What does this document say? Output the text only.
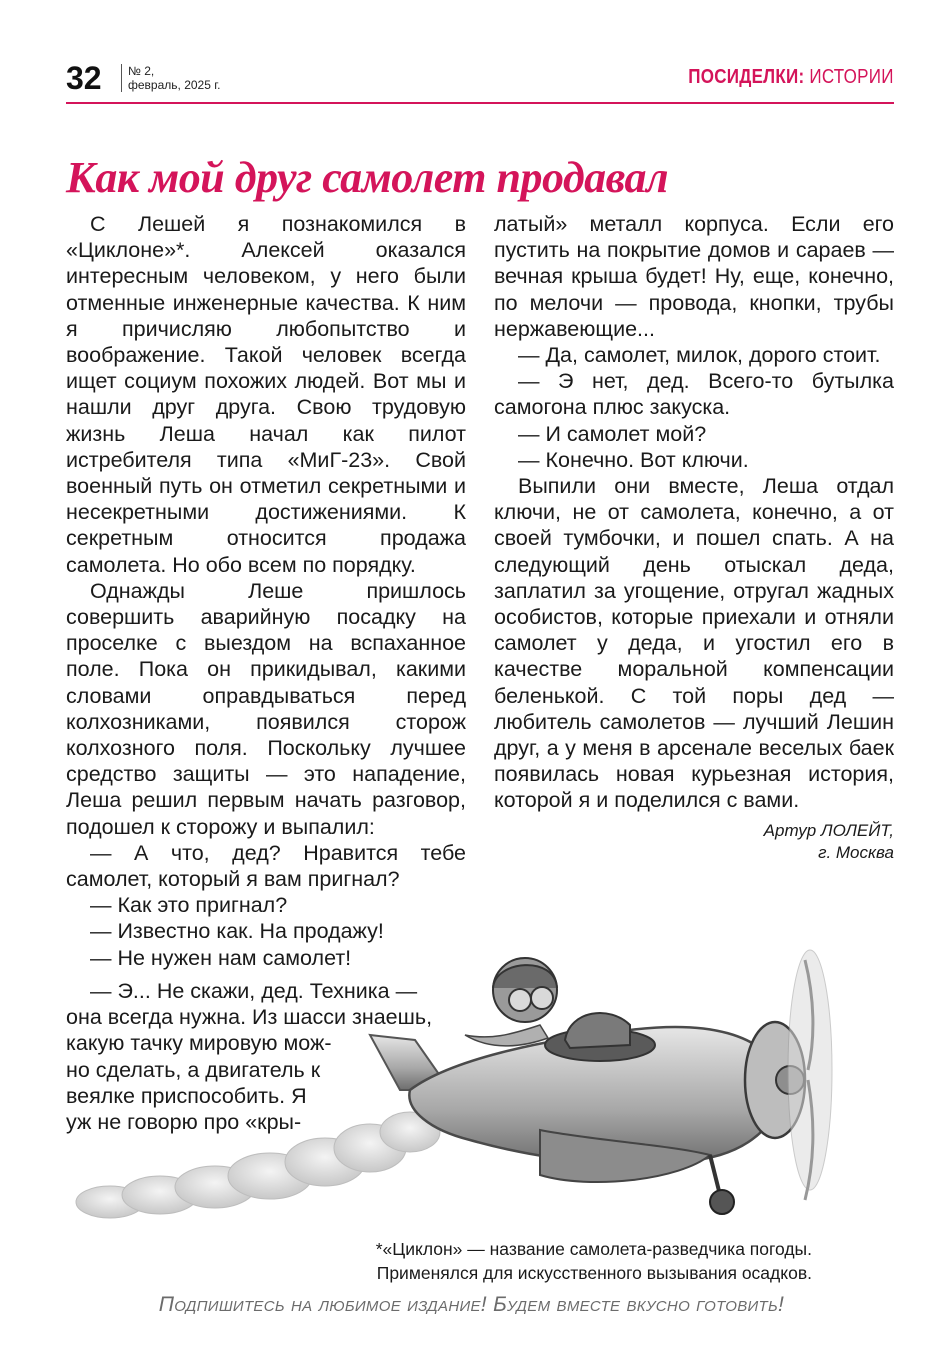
32 № 2,
февраль, 2025 г.	ПОСИДЕЛКИ: ИСТОРИИ
Как мой друг самолет продавал

С Лешей я познакомился в «Циклоне»*. Алексей оказался интересным человеком, у него были отменные инженерные качества. К ним я причисляю любопытство и воображение. Такой человек всегда ищет социум похожих людей. Вот мы и нашли друг друга. Свою трудовую жизнь Леша начал как пилот истребителя типа «МиГ-23». Свой военный путь он отметил секретными и несекретными достижениями. К секретным относится продажа самолета. Но обо всем по порядку.

Однажды Леше пришлось совершить аварийную посадку на проселке с выездом на вспаханное поле. Пока он прикидывал, какими словами оправдываться перед колхозниками, появился сторож колхозного поля. Поскольку лучшее средство защиты — это нападение, Леша решил первым начать разговор, подошел к сторожу и выпалил:

— А что, дед? Нравится тебе самолет, который я вам пригнал?

— Как это пригнал?

— Известно как. На продажу!

— Не нужен нам самолет!

— Э... Не скажи, дед. Техника —
она всегда нужна. Из шасси знаешь,
какую тачку мировую мож-
но сделать, а двигатель к
веялке приспособить. Я
уж не говорю про «кры-

латый» металл корпуса. Если его пустить на покрытие домов и сараев — вечная крыша будет! Ну, еще, конечно, по мелочи — провода, кнопки, трубы нержавеющие...

— Да, самолет, милок, дорого стоит.

— Э нет, дед. Всего-то бутылка самогона плюс закуска.

— И самолет мой?

— Конечно. Вот ключи.

Выпили они вместе, Леша отдал ключи, не от самолета, конечно, а от своей тумбочки, и пошел спать. А на следующий день отыскал деда, заплатил за угощение, отругал жадных особистов, которые приехали и отняли самолет у деда, и угостил его в качестве моральной компенсации беленькой. С той поры дед — любитель самолетов — лучший Лешин друг, а у меня в арсенале веселых баек появилась новая курьезная история, которой я и поделился с вами.

Артур ЛОЛЕЙТ,
г. Москва
*«Циклон» — название самолета-разведчика погоды.
Применялся для искусственного вызывания осадков.
Подпишитесь на любимое издание! Будем вместе вкусно готовить!
